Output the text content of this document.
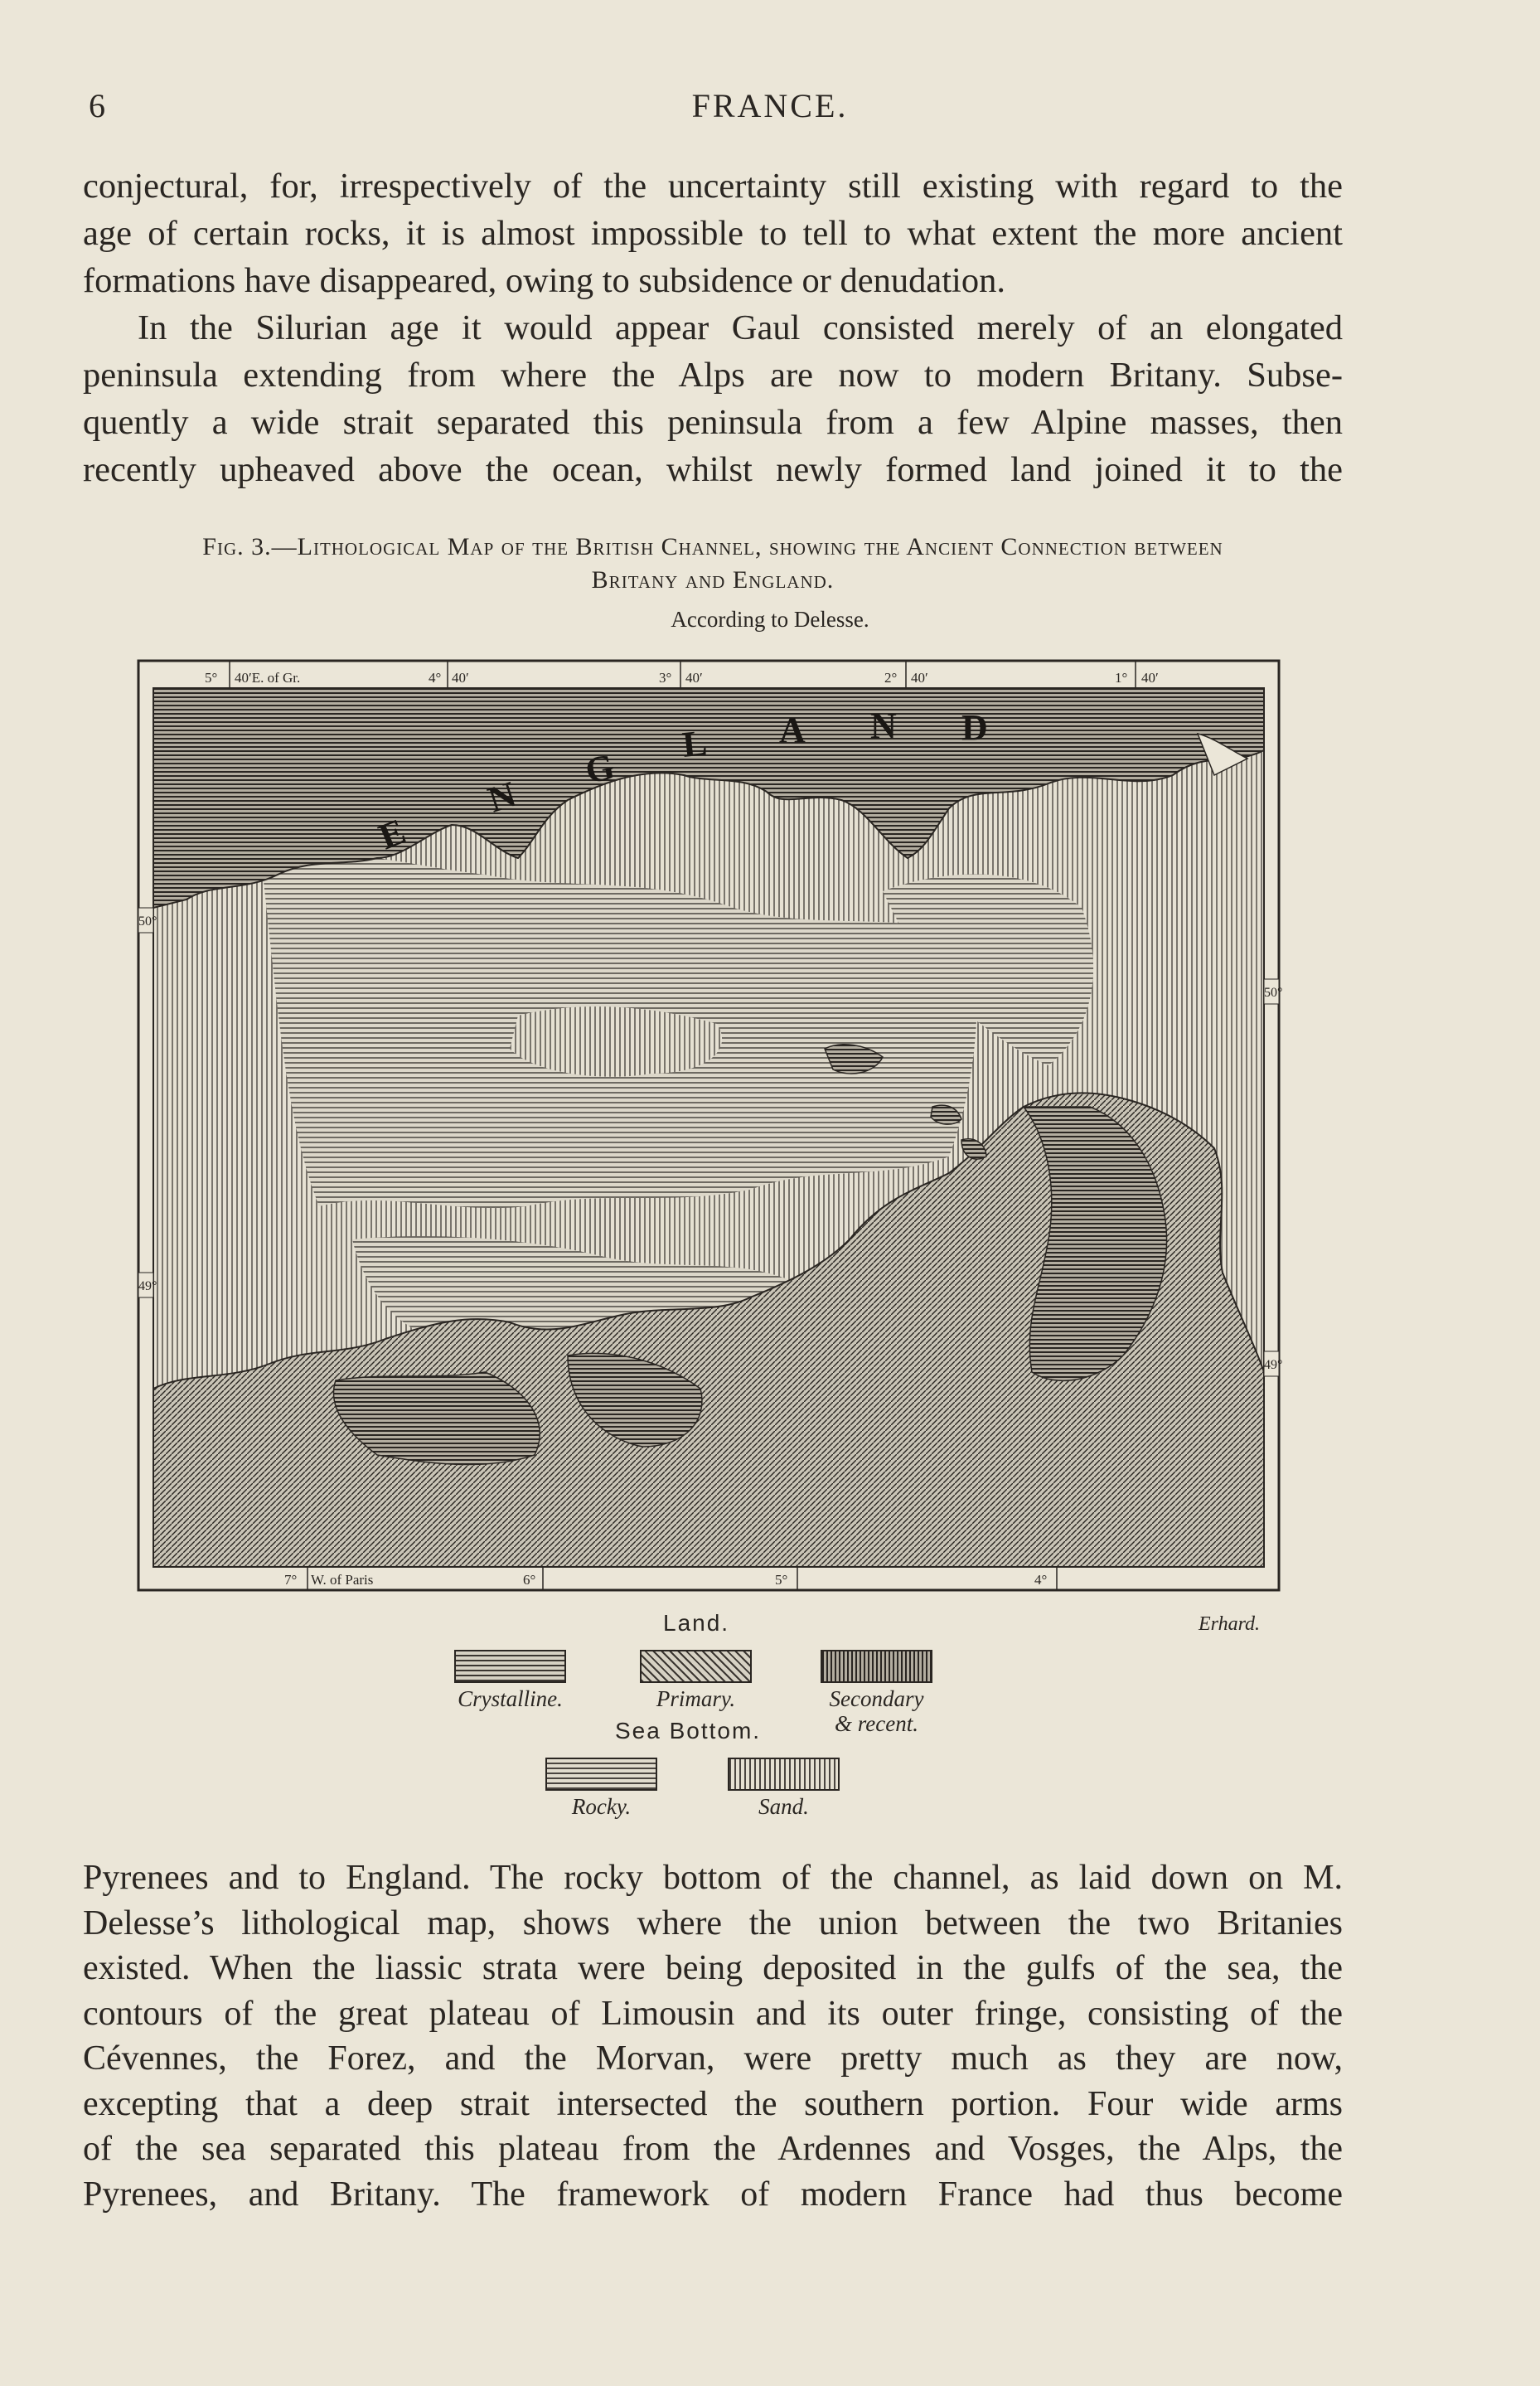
6	FRANCE.

conjectural, for, irrespectively of the uncertainty still existing with regard to the
age of certain rocks, it is almost impossible to tell to what extent the more ancient
formations have disappeared, owing to subsidence or denudation.

In the Silurian age it would appear Gaul consisted merely of an elongated
peninsula extending from where the Alps are now to modern Britany. Subse-
quently a wide strait separated this peninsula from a few Alpine masses, then
recently upheaved above the ocean, whilst newly formed land joined it to the

Fig. 3.—Lithological Map of the British Channel, showing the Ancient Connection between
Britany and England.
According to Delesse.
E
N
G
L A N D
5° 40′E. of Gr.	4° 40′	3° 40′	2° 40′	1° 40′
50°
49°
50°
49°
7° W. of Paris	6°	5°	4°
Land.	Erhard.
Crystalline.	Primary.	Secondary
& recent.
Sea Bottom.
Rocky.	Sand.

Pyrenees and to England. The rocky bottom of the channel, as laid down on M.
Delesse’s lithological map, shows where the union between the two Britanies
existed. When the liassic strata were being deposited in the gulfs of the sea, the
contours of the great plateau of Limousin and its outer fringe, consisting of the
Cévennes, the Forez, and the Morvan, were pretty much as they are now,
excepting that a deep strait intersected the southern portion. Four wide arms
of the sea separated this plateau from the Ardennes and Vosges, the Alps, the
Pyrenees, and Britany. The framework of modern France had thus become
